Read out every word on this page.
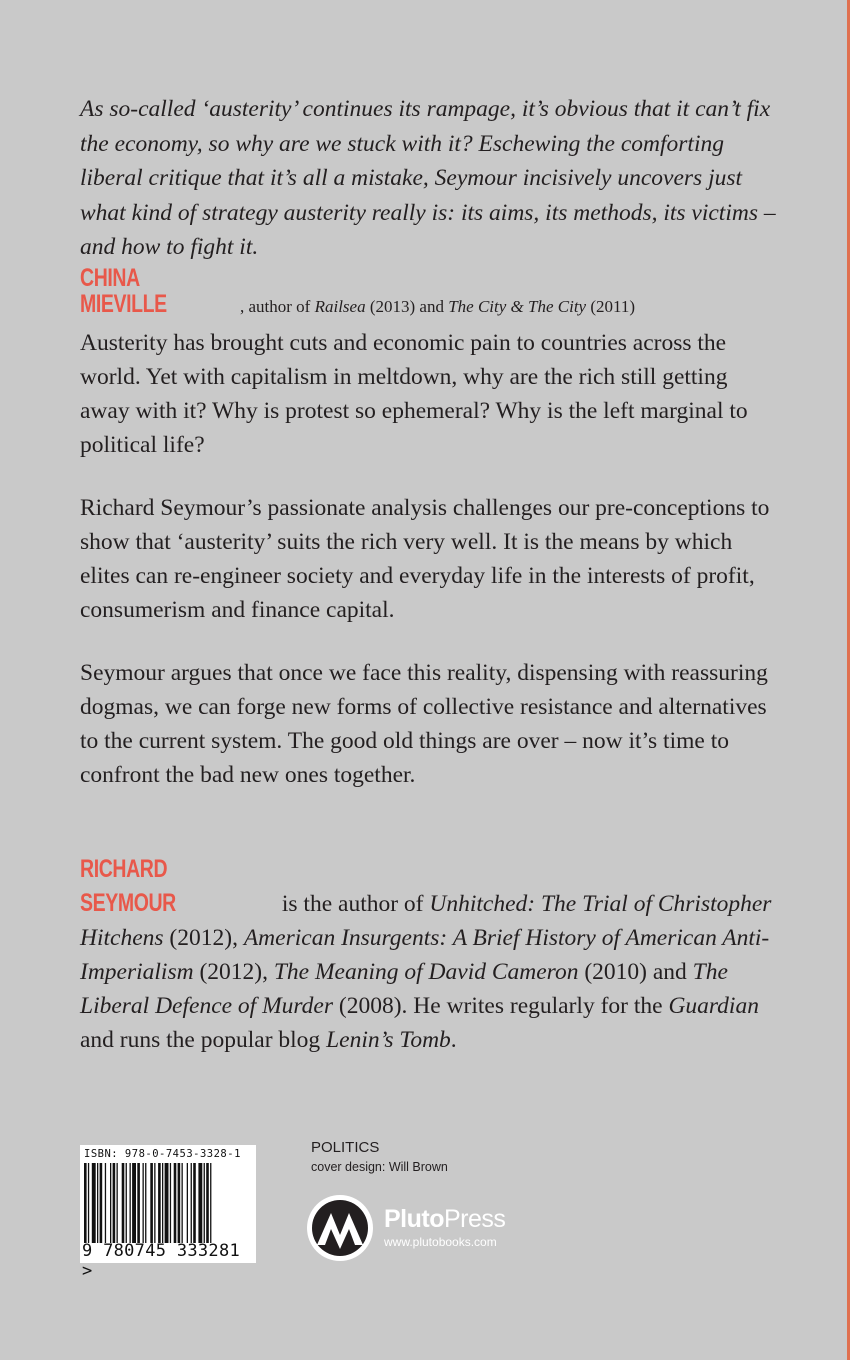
As so-called ‘austerity’ continues its rampage, it’s obvious that it can’t fix the economy, so why are we stuck with it? Eschewing the comforting liberal critique that it’s all a mistake, Seymour incisively uncovers just what kind of strategy austerity really is: its aims, its methods, its victims – and how to fight it.
CHINA MIEVILLE	, author of Railsea (2013) and The City & The City (2011)
Austerity has brought cuts and economic pain to countries across the world. Yet with capitalism in meltdown, why are the rich still getting away with it? Why is protest so ephemeral? Why is the left marginal to political life?
Richard Seymour’s passionate analysis challenges our pre-conceptions to show that ‘austerity’ suits the rich very well. It is the means by which elites can re-engineer society and everyday life in the interests of profit, consumerism and finance capital.
Seymour argues that once we face this reality, dispensing with reassuring dogmas, we can forge new forms of collective resistance and alternatives to the current system. The good old things are over – now it’s time to confront the bad new ones together.
RICHARD SEYMOUR	is the author of Unhitched: The Trial of Christopher Hitchens (2012), American Insurgents: A Brief History of American Anti-Imperialism (2012), The Meaning of David Cameron (2010) and The Liberal Defence of Murder (2008). He writes regularly for the Guardian and runs the popular blog Lenin’s Tomb.
ISBN: 978-0-7453-3328-1
9 780745 333281 >
POLITICS
cover design: Will Brown
PlutoPress
www.plutobooks.com
